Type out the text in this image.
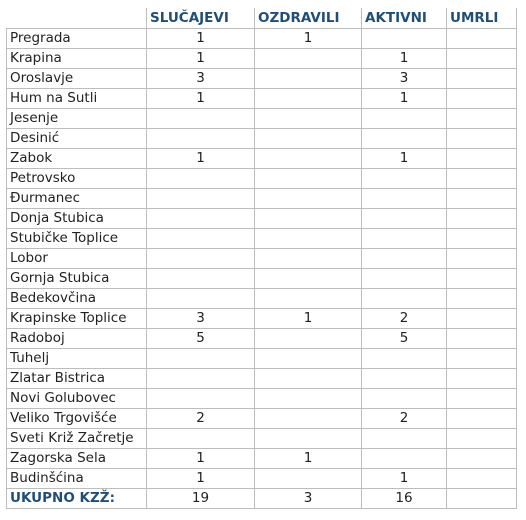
	SLUČAJEVI	OZDRAVILI	AKTIVNI	UMRLI
Pregrada	1	1		
Krapina	1		1	
Oroslavje	3		3	
Hum na Sutli	1		1	
Jesenje				
Desinić				
Zabok	1		1	
Petrovsko				
Đurmanec				
Donja Stubica				
Stubičke Toplice				
Lobor				
Gornja Stubica				
Bedekovčina				
Krapinske Toplice	3	1	2	
Radoboj	5		5	
Tuhelj				
Zlatar Bistrica				
Novi Golubovec				
Veliko Trgovišće	2		2	
Sveti Križ Začretje				
Zagorska Sela	1	1		
Budinšćina	1		1	
UKUPNO KZŽ:	19	3	16	
